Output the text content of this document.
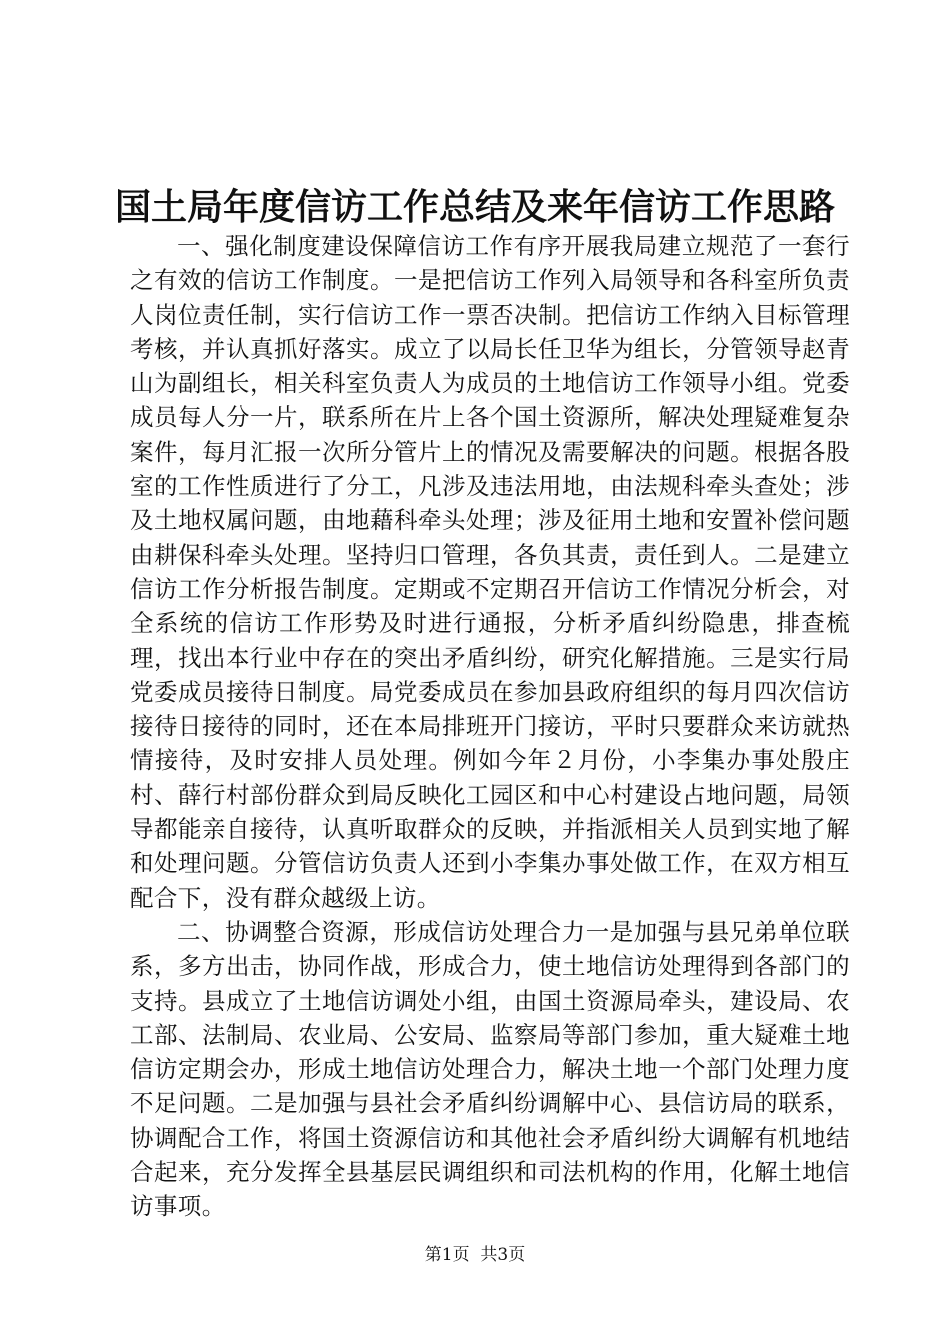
国土局年度信访工作总结及来年信访工作思路

一、强化制度建设保障信访工作有序开展我局建立规范了一套行之有效的信访工作制度。一是把信访工作列入局领导和各科室所负责人岗位责任制，实行信访工作一票否决制。把信访工作纳入目标管理考核，并认真抓好落实。成立了以局长任卫华为组长，分管领导赵青山为副组长，相关科室负责人为成员的土地信访工作领导小组。党委成员每人分一片，联系所在片上各个国土资源所，解决处理疑难复杂案件，每月汇报一次所分管片上的情况及需要解决的问题。根据各股室的工作性质进行了分工，凡涉及违法用地，由法规科牵头查处；涉及土地权属问题，由地藉科牵头处理；涉及征用土地和安置补偿问题由耕保科牵头处理。坚持归口管理，各负其责，责任到人。二是建立信访工作分析报告制度。定期或不定期召开信访工作情况分析会，对全系统的信访工作形势及时进行通报，分析矛盾纠纷隐患，排查梳理，找出本行业中存在的突出矛盾纠纷，研究化解措施。三是实行局党委成员接待日制度。局党委成员在参加县政府组织的每月四次信访接待日接待的同时，还在本局排班开门接访，平时只要群众来访就热情接待，及时安排人员处理。例如今年２月份，小李集办事处殷庄村、薛行村部份群众到局反映化工园区和中心村建设占地问题，局领导都能亲自接待，认真听取群众的反映，并指派相关人员到实地了解和处理问题。分管信访负责人还到小李集办事处做工作，在双方相互配合下，没有群众越级上访。

二、协调整合资源，形成信访处理合力一是加强与县兄弟单位联系，多方出击，协同作战，形成合力，使土地信访处理得到各部门的支持。县成立了土地信访调处小组，由国土资源局牵头，建设局、农工部、法制局、农业局、公安局、监察局等部门参加，重大疑难土地信访定期会办，形成土地信访处理合力，解决土地一个部门处理力度不足问题。二是加强与县社会矛盾纠纷调解中心、县信访局的联系，协调配合工作，将国土资源信访和其他社会矛盾纠纷大调解有机地结合起来，充分发挥全县基层民调组织和司法机构的作用，化解土地信访事项。

第1页 共3页
